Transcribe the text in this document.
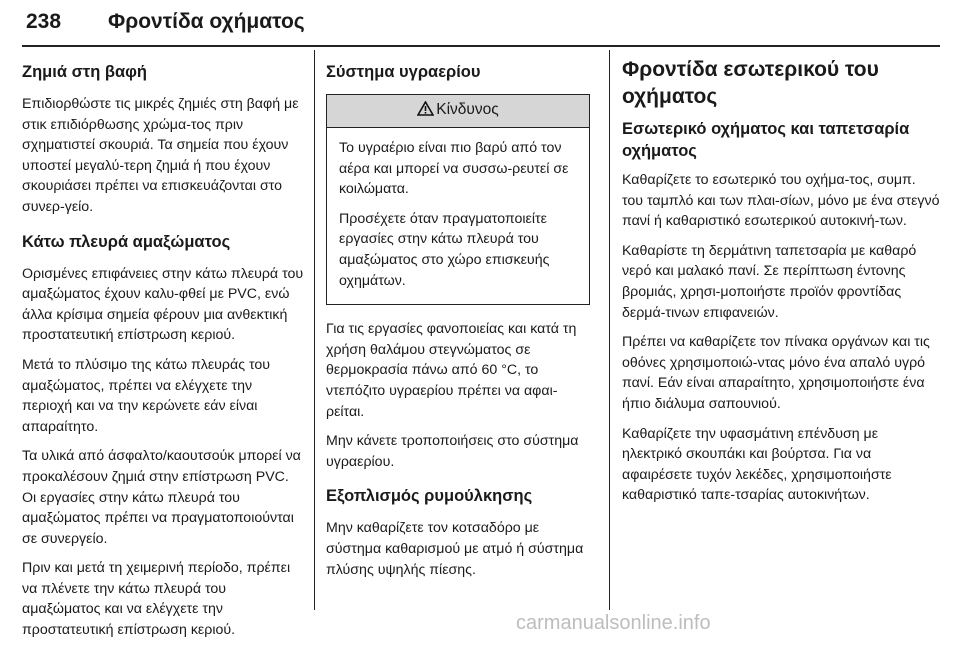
238 Φροντίδα οχήματος
Ζημιά στη βαφή

Επιδιορθώστε τις μικρές ζημιές στη βαφή με στικ επιδιόρθωσης χρώμα-τος πριν σχηματιστεί σκουριά. Τα σημεία που έχουν υποστεί μεγαλύ-τερη ζημιά ή που έχουν σκουριάσει πρέπει να επισκευάζονται στο συνερ-γείο.

Κάτω πλευρά αμαξώματος

Ορισμένες επιφάνειες στην κάτω πλευρά του αμαξώματος έχουν καλυ-φθεί με PVC, ενώ άλλα κρίσιμα σημεία φέρουν μια ανθεκτική προστατευτική επίστρωση κεριού.

Μετά το πλύσιμο της κάτω πλευράς του αμαξώματος, πρέπει να ελέγχετε την περιοχή και να την κερώνετε εάν είναι απαραίτητο.

Τα υλικά από άσφαλτο/καουτσούκ μπορεί να προκαλέσουν ζημιά στην επίστρωση PVC. Οι εργασίες στην κάτω πλευρά του αμαξώματος πρέπει να πραγματοποιούνται σε συνεργείο.

Πριν και μετά τη χειμερινή περίοδο, πρέπει να πλένετε την κάτω πλευρά του αμαξώματος και να ελέγχετε την προστατευτική επίστρωση κεριού.

Σύστημα υγραερίου
Κίνδυνος

Το υγραέριο είναι πιο βαρύ από τον αέρα και μπορεί να συσσω-ρευτεί σε κοιλώματα.

Προσέχετε όταν πραγματοποιείτε εργασίες στην κάτω πλευρά του αμαξώματος στο χώρο επισκευής οχημάτων.

Για τις εργασίες φανοποιείας και κατά τη χρήση θαλάμου στεγνώματος σε θερμοκρασία πάνω από 60 °C, το ντεπόζιτο υγραερίου πρέπει να αφαι-ρείται.

Μην κάνετε τροποποιήσεις στο σύστημα υγραερίου.

Εξοπλισμός ρυμούλκησης

Μην καθαρίζετε τον κοτσαδόρο με σύστημα καθαρισμού με ατμό ή σύστημα πλύσης υψηλής πίεσης.

Φροντίδα εσωτερικού του οχήματος
Εσωτερικό οχήματος και ταπετσαρία οχήματος

Καθαρίζετε το εσωτερικό του οχήμα-τος, συμπ. του ταμπλό και των πλαι-σίων, μόνο με ένα στεγνό πανί ή καθαριστικό εσωτερικού αυτοκινή-των.

Καθαρίστε τη δερμάτινη ταπετσαρία με καθαρό νερό και μαλακό πανί. Σε περίπτωση έντονης βρομιάς, χρησι-μοποιήστε προϊόν φροντίδας δερμά-τινων επιφανειών.

Πρέπει να καθαρίζετε τον πίνακα οργάνων και τις οθόνες χρησιμοποιώ-ντας μόνο ένα απαλό υγρό πανί. Εάν είναι απαραίτητο, χρησιμοποιήστε ένα ήπιο διάλυμα σαπουνιού.

Καθαρίζετε την υφασμάτινη επένδυση με ηλεκτρικό σκουπάκι και βούρτσα. Για να αφαιρέσετε τυχόν λεκέδες, χρησιμοποιήστε καθαριστικό ταπε-τσαρίας αυτοκινήτων.

carmanualsonline.info
